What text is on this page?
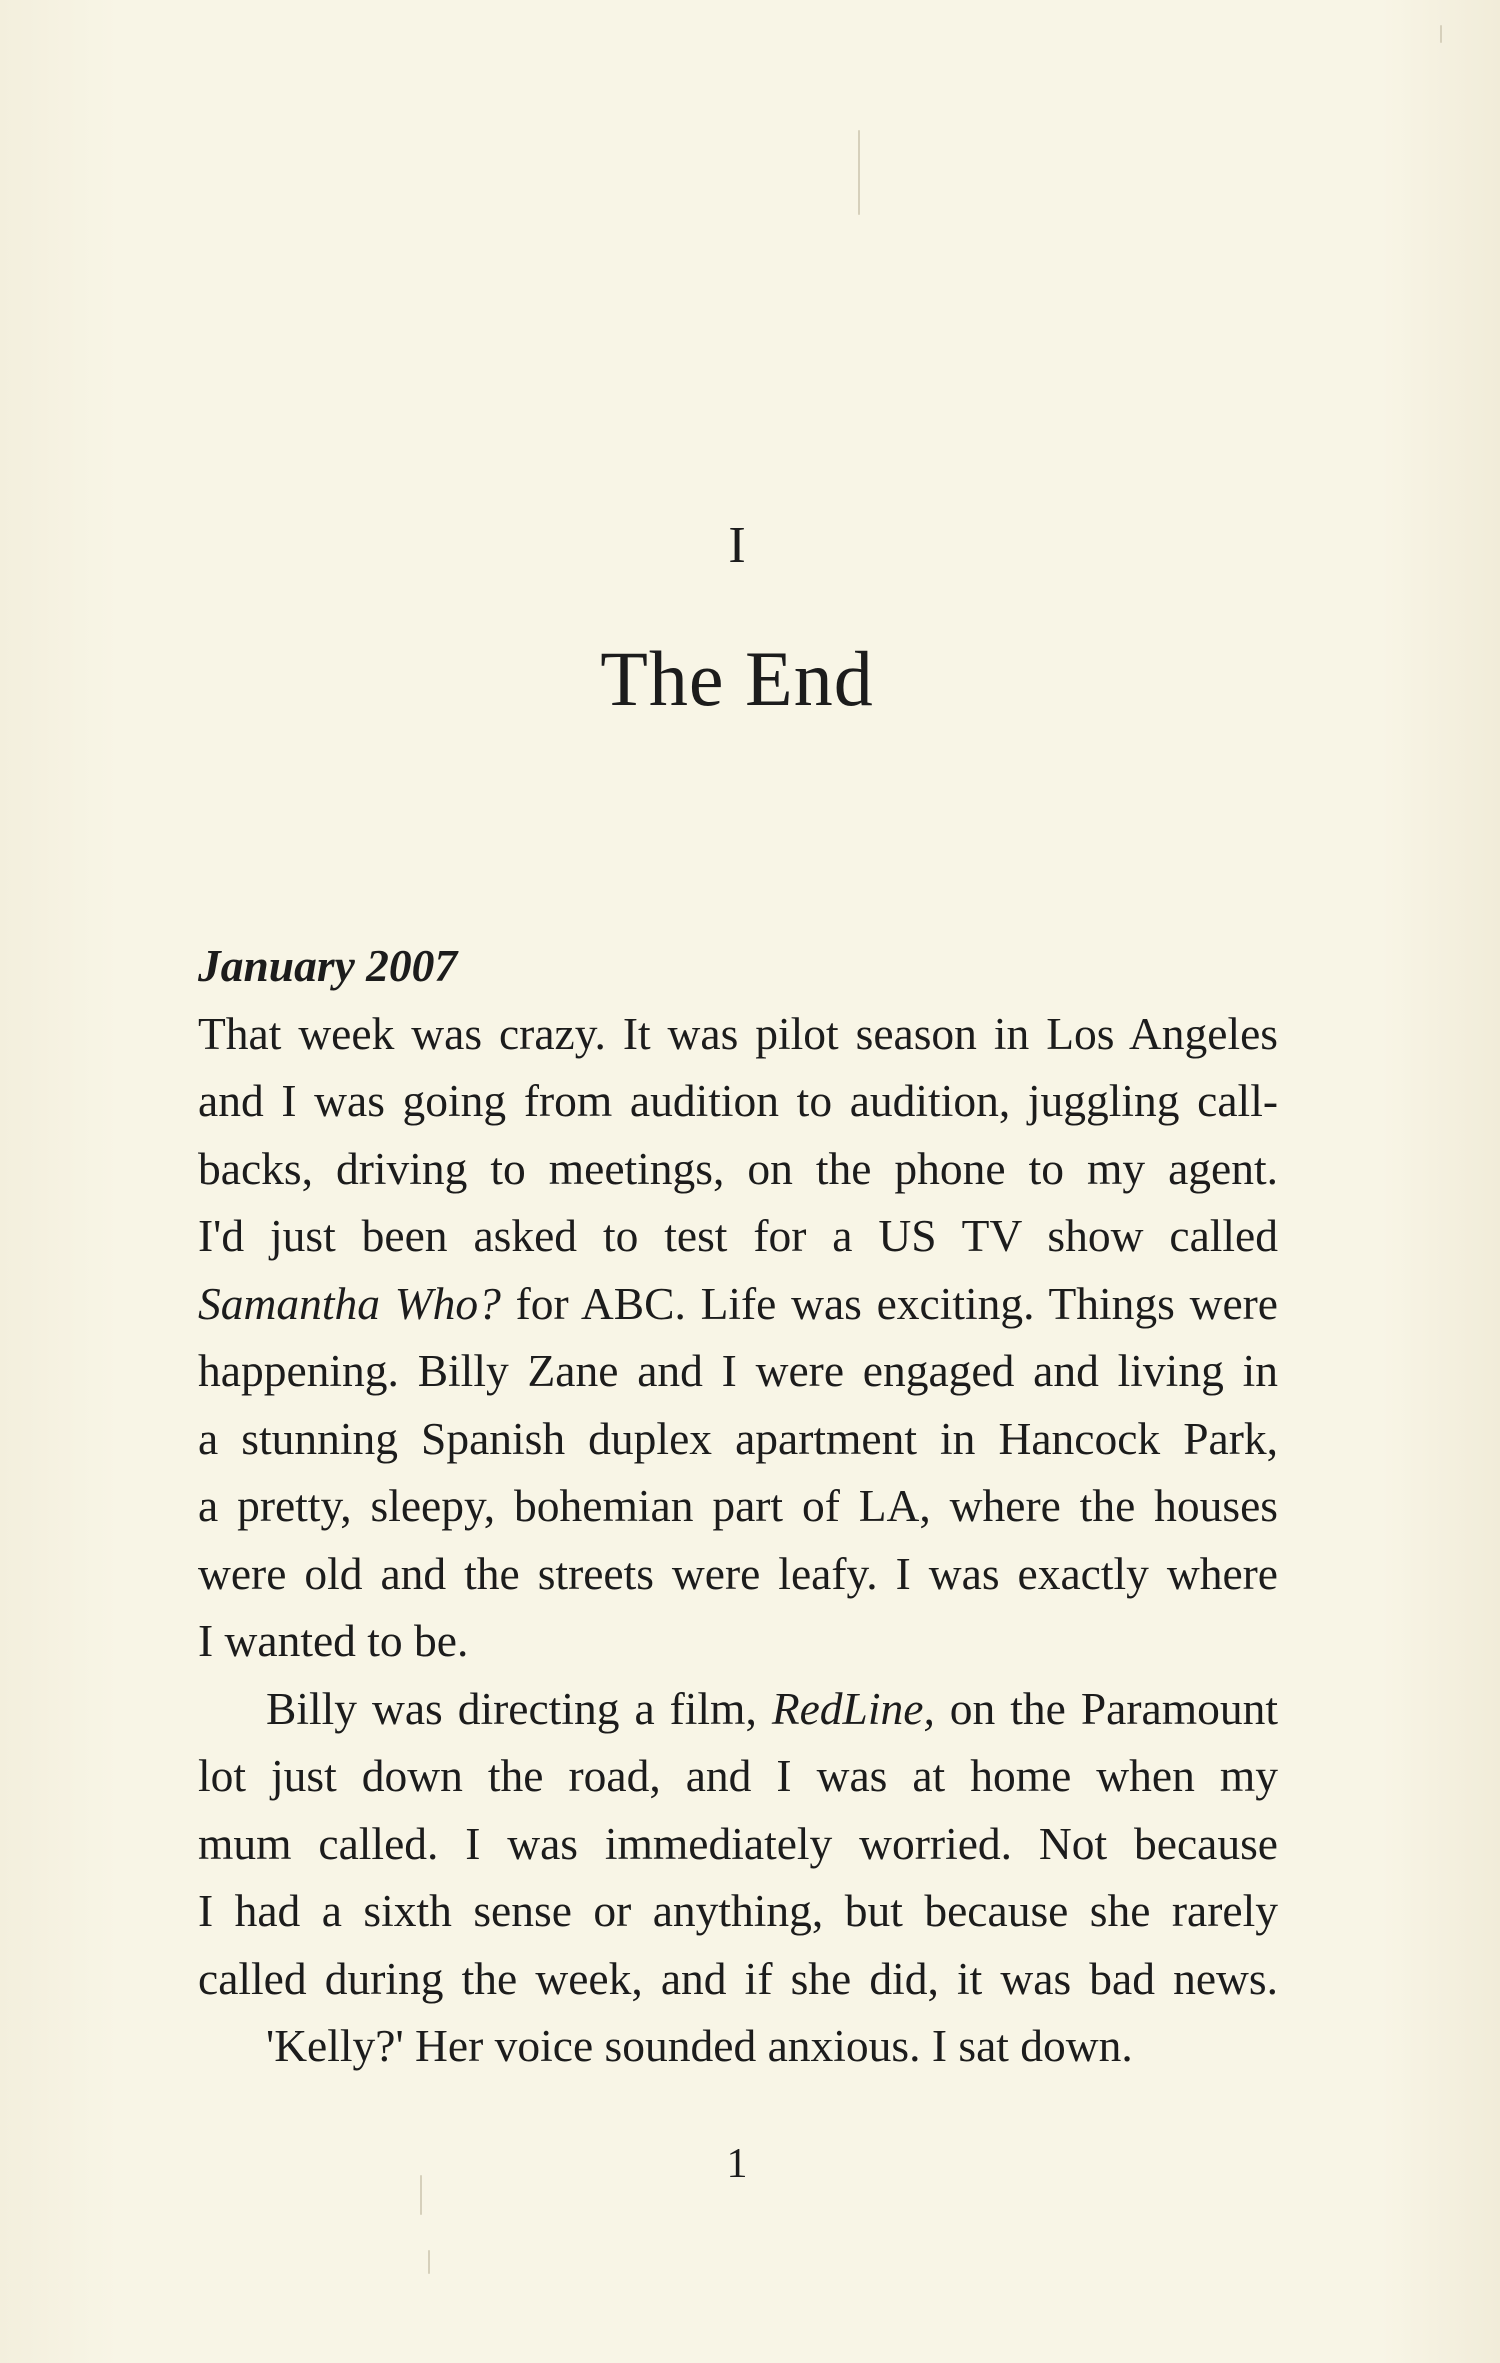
I
The End

January 2007

That week was crazy. It was pilot season in Los Angeles
and I was going from audition to audition, juggling call-
backs, driving to meetings, on the phone to my agent.
I'd just been asked to test for a US TV show called
Samantha Who? for ABC. Life was exciting. Things were
happening. Billy Zane and I were engaged and living in
a stunning Spanish duplex apartment in Hancock Park,
a pretty, sleepy, bohemian part of LA, where the houses
were old and the streets were leafy. I was exactly where
I wanted to be.
Billy was directing a film, RedLine, on the Paramount
lot just down the road, and I was at home when my
mum called. I was immediately worried. Not because
I had a sixth sense or anything, but because she rarely
called during the week, and if she did, it was bad news.
'Kelly?' Her voice sounded anxious. I sat down.
1
